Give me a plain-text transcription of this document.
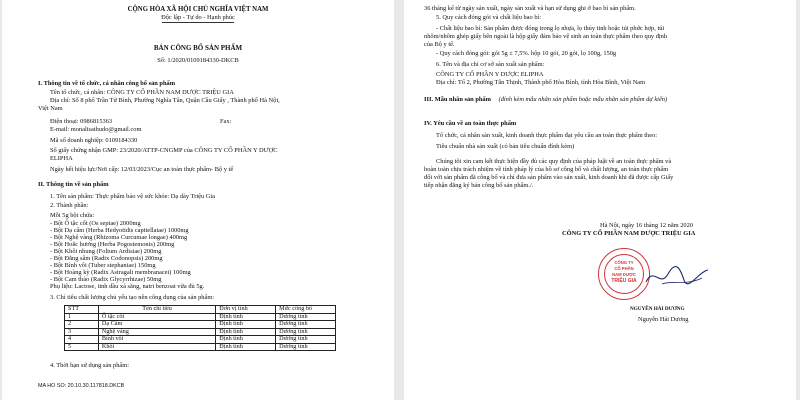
CỘNG HÒA XÃ HỘI CHỦ NGHĨA VIỆT NAM
Độc lập - Tự do - Hạnh phúc
BẢN CÔNG BỐ SẢN PHẨM
Số: 1/2020/0109184330-DKCB
I. Thông tin về tổ chức, cá nhân công bố sản phẩm
Tên tổ chức, cá nhân: CÔNG TY CỔ PHẦN NAM DƯỢC TRIỆU GIA
Địa chỉ: Số 8 phố Trần Tử Bình, Phường Nghĩa Tân, Quận Cầu Giấy , Thành phố Hà Nội,
Việt Nam
Điện thoại: 0986815363	Fax:
E-mail: monalisathudo@gmail.com
Mã số doanh nghiệp: 0109184330
Số giấy chứng nhận GMP: 23/2020/ATTP-CNGMP của CÔNG TY CỔ PHẦN Y DƯỢC
ELIPHA
Ngày hết hiệu lực/Nơi cấp: 12/03/2023/Cục an toàn thực phẩm- Bộ y tế
II. Thông tin về sản phẩm
1. Tên sản phẩm: Thực phẩm bảo vệ sức khỏe: Dạ dày Triệu Gia
2. Thành phần:
Mỗi 5g bột chứa:
- Bột Ô tặc cốt (Os sepiae) 2000mg
- Bột Dạ cẩm (Herba Hedyotidis capitellatae) 1000mg
- Bột Nghệ vàng (Rhizoma Curcumae longae) 400mg
- Bột Hoắc hương (Herba Pogostemonis) 200mg
- Bột Khôi nhung (Folium Ardisiae) 200mg
- Bột Đẳng sâm (Radix Codonopsis) 200mg
- Bột Bình vôi (Tuber stephaniae) 150mg
- Bột Hoàng kỳ (Radix Astragali membranacei) 100mg
- Bột Cam thảo (Radix Glycyrrhizae) 50mg
Phụ liệu: Lactose, tinh dầu xả săng, natri benzoat vừa đủ 5g.
3. Chỉ tiêu chất lượng chủ yếu tạo nên công dụng của sản phẩm:
STT	Tên chỉ tiêu	Đơn vị tính	Mức công bố
1	Ô tặc cốt	Định tính	Dương tính
2	Dạ Cẩm	Định tính	Dương tính
3	Nghệ vàng	Định tính	Dương tính
4	Bình vôi	Định tính	Dương tính
5	Khôi	Định tính	Dương tính
4. Thời hạn sử dụng sản phẩm:
MA HO SO: 20.10.30.117818.DKCB
36 tháng kể từ ngày sản xuất, ngày sản xuất và hạn sử dụng ghi ở bao bì sản phẩm.
5. Quy cách đóng gói và chất liệu bao bì:
- Chất liệu bao bì: Sản phẩm được đóng trong lọ nhựa, lọ thủy tinh hoặc túi phức hợp, túi
nhôm/nhôm ghép giấy bên ngoài là hộp giấy đảm bảo vệ sinh an toàn thực phẩm theo quy định
của Bộ y tế.
- Quy cách đóng gói: gói 5g ± 7,5%. hộp 10 gói, 20 gói, lọ 100g, 150g
6. Tên và địa chỉ cơ sở sản xuất sản phẩm:
CÔNG TY CỔ PHẦN Y DƯỢC ELIPHA
Địa chỉ: Tổ 2, Phường Tân Thịnh, Thành phố Hòa Bình, tỉnh Hòa Bình, Việt Nam
III. Mẫu nhãn sản phẩm (đính kèm mẫu nhãn sản phẩm hoặc mẫu nhãn sản phẩm dự kiến)
IV. Yêu cầu về an toàn thực phẩm
Tổ chức, cá nhân sản xuất, kinh doanh thực phẩm đạt yêu cầu an toàn thực phẩm theo:
Tiêu chuẩn nhà sản xuất (có bản tiêu chuẩn đính kèm)
Chúng tôi xin cam kết thực hiện đầy đủ các quy định của pháp luật về an toàn thực phẩm và
hoàn toàn chịu trách nhiệm về tính pháp lý của hồ sơ công bố và chất lượng, an toàn thực phẩm
đối với sản phẩm đã công bố và chỉ đưa sản phẩm vào sản xuất, kinh doanh khi đã được cấp Giấy
tiếp nhận đăng ký bản công bố sản phẩm./.
Hà Nội, ngày 16 tháng 12 năm 2020
CÔNG TY CỔ PHẦN NAM DƯỢC TRIỆU GIA
CÔNG TY
CỔ PHẦN
NAM DƯỢC
TRIỆU GIA
NGUYỄN HẢI DƯƠNG
Nguyễn Hải Dương
